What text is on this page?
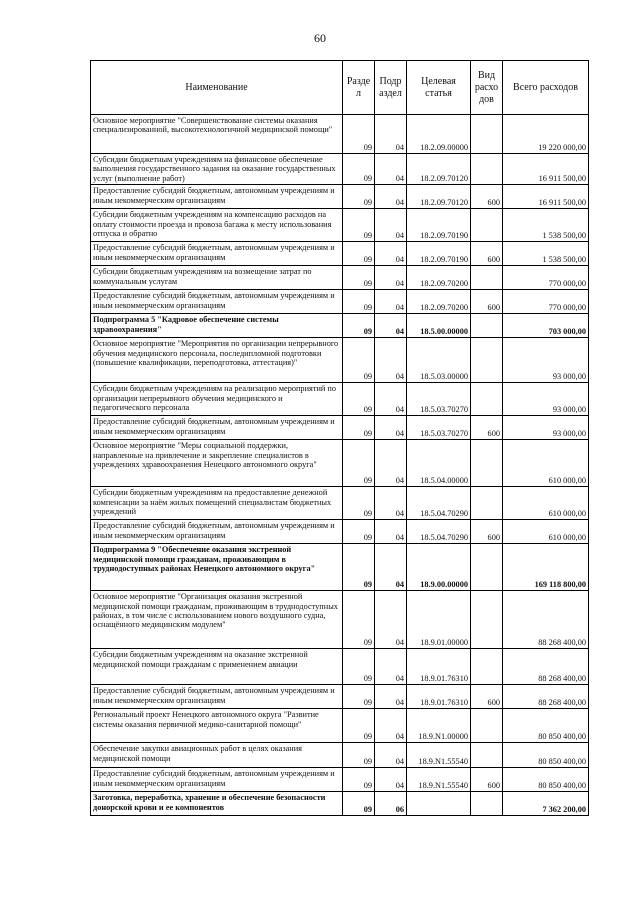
60
Наименование	Разде л	Подр аздел	Целевая статья	Вид расхо дов	Всего расходов
Основное мероприятие "Совершенствование системы оказания специализированной, высокотехнологичной медицинской помощи"	09	04	18.2.09.00000		19 220 000,00
Субсидии бюджетным учреждениям на финансовое обеспечение выполнения государственного задания на оказание государственных услуг (выполнение работ)	09	04	18.2.09.70120		16 911 500,00
Предоставление субсидий бюджетным, автономным учреждениям и иным некоммерческим организациям	09	04	18.2.09.70120	600	16 911 500,00
Субсидии бюджетным учреждениям на компенсацию расходов на оплату стоимости проезда и провоза багажа к месту использования отпуска и обратно	09	04	18.2.09.70190		1 538 500,00
Предоставление субсидий бюджетным, автономным учреждениям и иным некоммерческим организациям	09	04	18.2.09.70190	600	1 538 500,00
Субсидии бюджетным учреждениям на возмещение затрат по коммунальным услугам	09	04	18.2.09.70200		770 000,00
Предоставление субсидий бюджетным, автономным учреждениям и иным некоммерческим организациям	09	04	18.2.09.70200	600	770 000,00
Подпрограмма 5 "Кадровое обеспечение системы здравоохранения"	09	04	18.5.00.00000		703 000,00
Основное мероприятие "Мероприятия по организации непрерывного обучения медицинского персонала, последипломной подготовки (повышение квалификации, переподготовка, аттестация)"	09	04	18.5.03.00000		93 000,00
Субсидии бюджетным учреждениям на реализацию мероприятий по организации непрерывного обучения медицинского и педагогического персонала	09	04	18.5.03.70270		93 000,00
Предоставление субсидий бюджетным, автономным учреждениям и иным некоммерческим организациям	09	04	18.5.03.70270	600	93 000,00
Основное мероприятие "Меры социальной поддержки, направленные на привлечение и закрепление специалистов в учреждениях здравоохранения Ненецкого автономного округа"	09	04	18.5.04.00000		610 000,00
Субсидии бюджетным учреждениям на предоставление денежной компенсации за наём жилых помещений специалистам бюджетных учреждений	09	04	18.5.04.70290		610 000,00
Предоставление субсидий бюджетным, автономным учреждениям и иным некоммерческим организациям	09	04	18.5.04.70290	600	610 000,00
Подпрограмма 9 "Обеспечение оказания экстренной медицинской помощи гражданам, проживающим в труднодоступных районах Ненецкого автономного округа"	09	04	18.9.00.00000		169 118 800,00
Основное мероприятие "Организация оказания экстренной медицинской помощи гражданам, проживающим в труднодоступных районах, в том числе с использованием нового воздушного судна, оснащённого медицинским модулем"	09	04	18.9.01.00000		88 268 400,00
Субсидии бюджетным учреждениям на оказание экстренной медицинской помощи гражданам с применением авиации	09	04	18.9.01.76310		88 268 400,00
Предоставление субсидий бюджетным, автономным учреждениям и иным некоммерческим организациям	09	04	18.9.01.76310	600	88 268 400,00
Региональный проект Ненецкого автономного округа "Развитие системы оказания первичной медико-санитарной помощи"	09	04	18.9.N1.00000		80 850 400,00
Обеспечение закупки авиационных работ в целях оказания медицинской помощи	09	04	18.9.N1.55540		80 850 400,00
Предоставление субсидий бюджетным, автономным учреждениям и иным некоммерческим организациям	09	04	18.9.N1.55540	600	80 850 400,00
Заготовка, переработка, хранение и обеспечение безопасности донорской крови и ее компонентов	09	06			7 362 200,00
